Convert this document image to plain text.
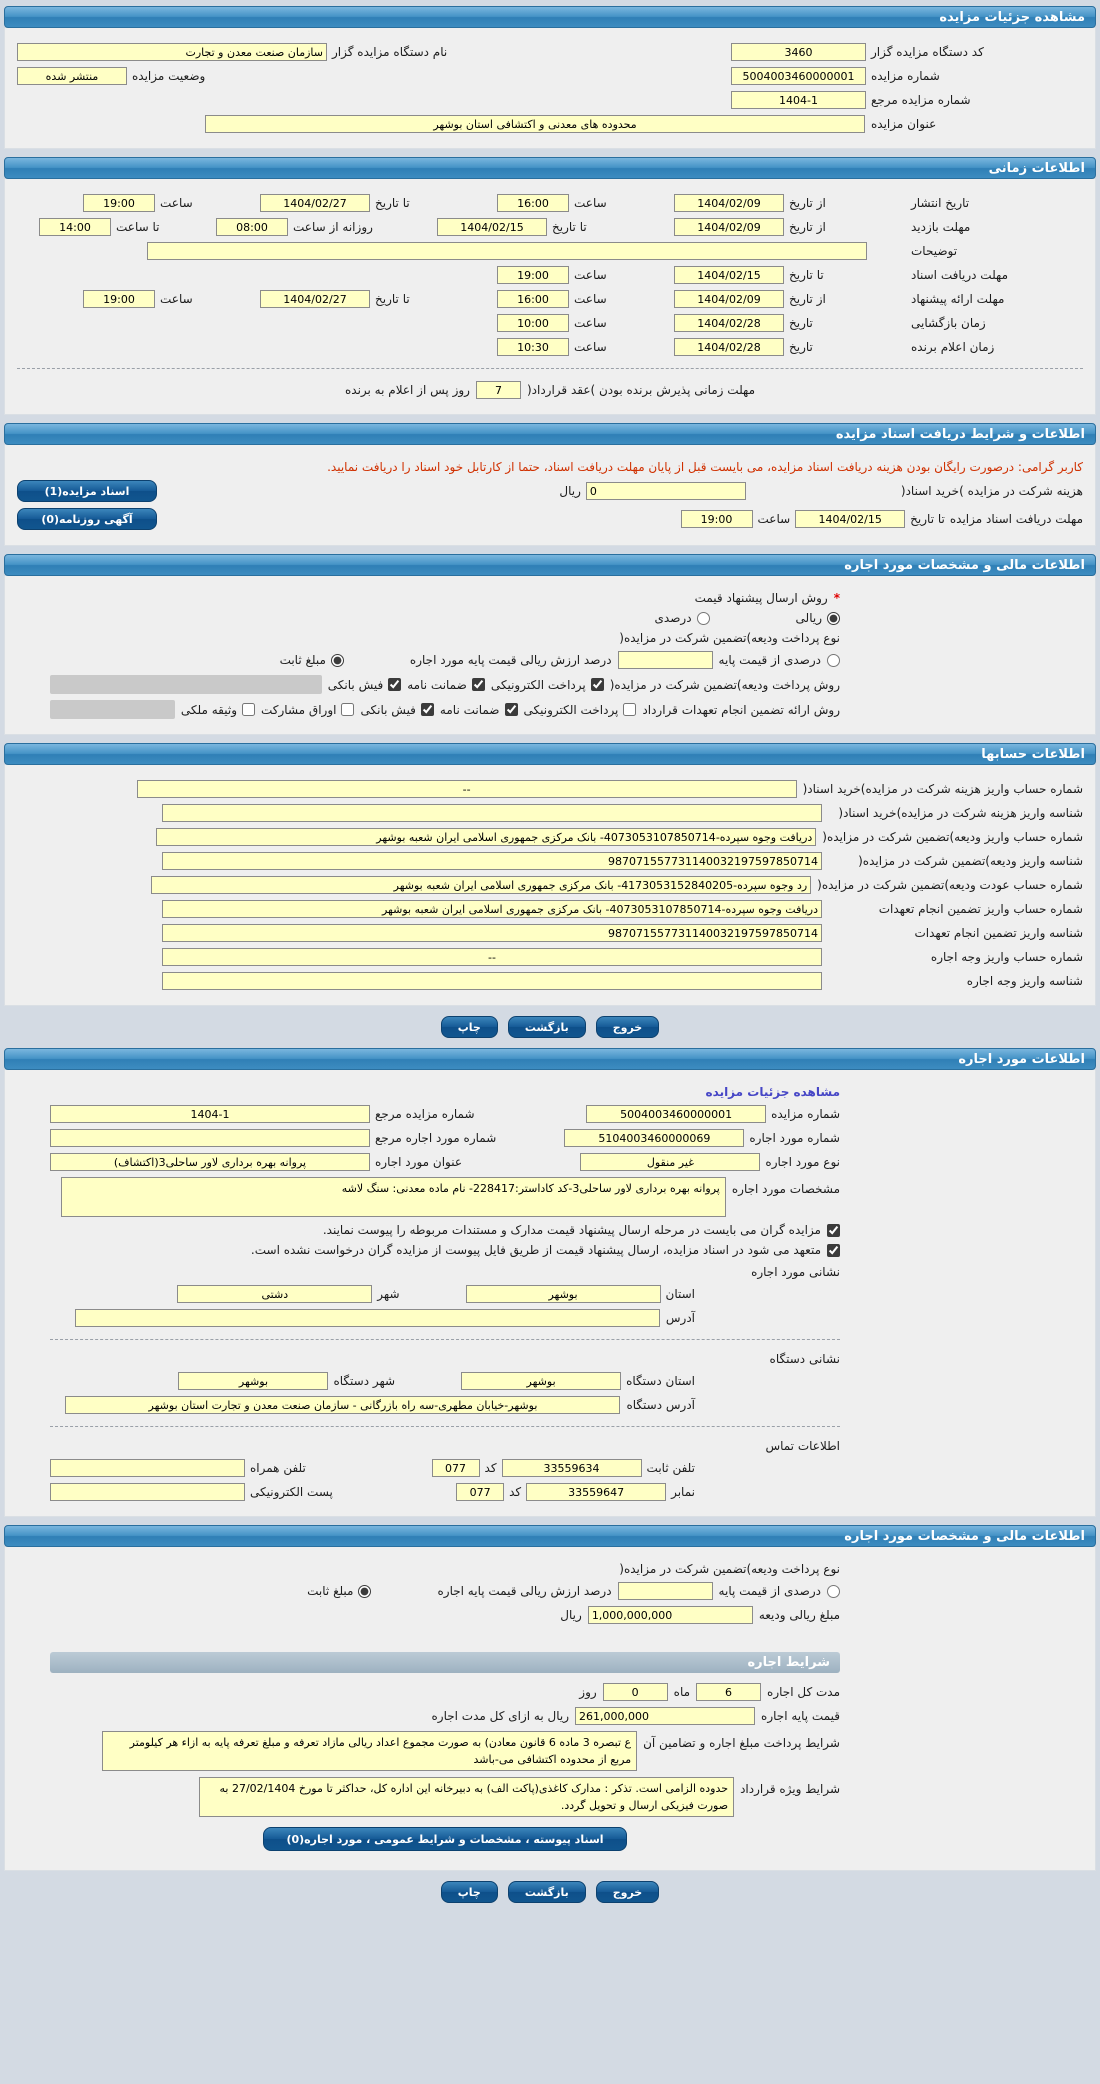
مشاهده جزئیات مزایده
کد دستگاه مزایده گزار
3460
نام دستگاه مزایده گزار
سازمان صنعت معدن و تجارت
شماره مزایده
5004003460000001
وضعیت مزایده
منتشر شده
شماره مزایده مرجع
1404-1
عنوان مزایده
محدوده های معدنی و اکتشافی استان بوشهر
اطلاعات زمانی
تاریخ انتشار
از تاریخ
1404/02/09
ساعت
16:00
تا تاریخ
1404/02/27
ساعت
19:00
مهلت بازدید
از تاریخ
1404/02/09
تا تاریخ
1404/02/15
روزانه از ساعت
08:00
تا ساعت
14:00
توضیحات
مهلت دریافت اسناد
تا تاریخ
1404/02/15
ساعت
19:00
مهلت ارائه پیشنهاد
از تاریخ
1404/02/09
ساعت
16:00
تا تاریخ
1404/02/27
ساعت
19:00
زمان بازگشایی
تاریخ
1404/02/28
ساعت
10:00
زمان اعلام برنده
تاریخ
1404/02/28
ساعت
10:30
مهلت زمانی پذیرش برنده بودن )عقد قرارداد(
7
روز پس از اعلام به برنده
اطلاعات و شرایط دریافت اسناد مزایده
کاربر گرامی: درصورت رایگان بودن هزینه دریافت اسناد مزایده، می بایست قبل از پایان مهلت دریافت اسناد، حتما از کارتابل خود اسناد را دریافت نمایید.
هزینه شرکت در مزایده )خرید اسناد(
0
ریال
اسناد مزایده(1)
مهلت دریافت اسناد مزایده
تا تاریخ
1404/02/15
ساعت
19:00
آگهی روزنامه(0)
اطلاعات مالی و مشخصات مورد اجاره
*
روش ارسال پیشنهاد قیمت
ریالی
درصدی
نوع پرداخت ودیعه)تضمین شرکت در مزایده(
درصدی از قیمت پایه
درصد ارزش ریالی قیمت پایه مورد اجاره
مبلغ ثابت
روش پرداخت ودیعه)تضمین شرکت در مزایده(
پرداخت الکترونیکی
ضمانت نامه
فیش بانکی
روش ارائه تضمین انجام تعهدات قرارداد
پرداخت الکترونیکی
ضمانت نامه
فیش بانکی
اوراق مشارکت
وثیقه ملکی
اطلاعات حسابها
شماره حساب واریز هزینه شرکت در مزایده)خرید اسناد(
--
شناسه واریز هزینه شرکت در مزایده)خرید اسناد(
شماره حساب واریز ودیعه)تضمین شرکت در مزایده(
دریافت وجوه سپرده-4073053107850714- بانک مرکزی جمهوری اسلامی ایران شعبه بوشهر
شناسه واریز ودیعه)تضمین شرکت در مزایده(
987071557731140032197597850714
شماره حساب عودت ودیعه)تضمین شرکت در مزایده(
رد وجوه سپرده-4173053152840205- بانک مرکزی جمهوری اسلامی ایران شعبه بوشهر
شماره حساب واریز تضمین انجام تعهدات
دریافت وجوه سپرده-4073053107850714- بانک مرکزی جمهوری اسلامی ایران شعبه بوشهر
شناسه واریز تضمین انجام تعهدات
987071557731140032197597850714
شماره حساب واریز وجه اجاره
--
شناسه واریز وجه اجاره
خروج
بازگشت
چاپ
اطلاعات مورد اجاره
مشاهده جزئیات مزایده
شماره مزایده
5004003460000001
شماره مزایده مرجع
1404-1
شماره مورد اجاره
5104003460000069
شماره مورد اجاره مرجع
نوع مورد اجاره
غیر منقول
عنوان مورد اجاره
پروانه بهره برداری لاور ساحلی3(اکتشاف)
مشخصات مورد اجاره
پروانه بهره برداری لاور ساحلی3-کد کاداستر:228417- نام ماده معدنی: سنگ لاشه
مزایده گران می بایست در مرحله ارسال پیشنهاد قیمت مدارک و مستندات مربوطه را پیوست نمایند.
متعهد می شود در اسناد مزایده، ارسال پیشنهاد قیمت از طریق فایل پیوست از مزایده گران درخواست نشده است.
نشانی مورد اجاره
استان
بوشهر
شهر
دشتی
آدرس
نشانی دستگاه
استان دستگاه
بوشهر
شهر دستگاه
بوشهر
آدرس دستگاه
بوشهر-خیابان مطهری-سه راه بازرگانی - سازمان صنعت معدن و تجارت استان بوشهر
اطلاعات تماس
تلفن ثابت
33559634
کد
077
تلفن همراه
نمابر
33559647
کد
077
پست الکترونیکی
اطلاعات مالی و مشخصات مورد اجاره
نوع پرداخت ودیعه)تضمین شرکت در مزایده(
درصدی از قیمت پایه
درصد ارزش ریالی قیمت پایه اجاره
مبلغ ثابت
مبلغ ریالی ودیعه
1,000,000,000
ریال
شرایط اجاره
مدت کل اجاره
6
ماه
0
روز
قیمت پایه اجاره
261,000,000
ریال به ازای کل مدت اجاره
شرایط پرداخت مبلغ اجاره و تضامین آن
ع تبصره 3 ماده 6 قانون معادن) به صورت مجموع اعداد ریالی مازاد تعرفه و مبلغ تعرفه پایه به ازاء هر کیلومتر مربع از محدوده اکتشافی می-باشد
شرایط ویژه قرارداد
حدوده الزامی است. تذکر : مدارک کاغذی(پاکت الف) به دبیرخانه این اداره کل، حداکثر تا مورخ 27/02/1404 به صورت فیزیکی ارسال و تحویل گردد.
اسناد پیوسته ، مشخصات و شرایط عمومی ، مورد اجاره(0)
خروج
بازگشت
چاپ
